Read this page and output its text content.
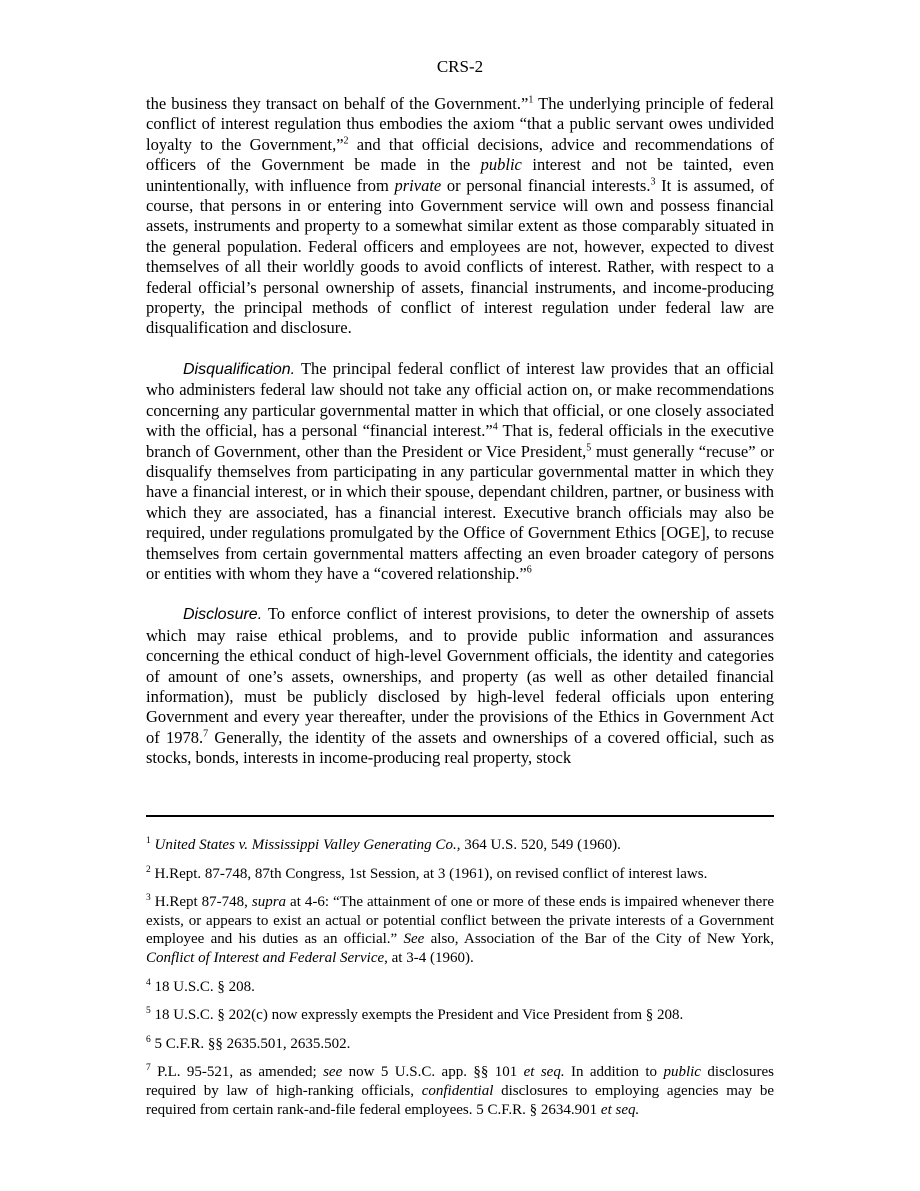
CRS-2

the business they transact on behalf of the Government.”$^1$ The underlying principle of federal conflict of interest regulation thus embodies the axiom “that a public servant owes undivided loyalty to the Government,”$^2$ and that official decisions, advice and recommendations of officers of the Government be made in the public interest and not be tainted, even unintentionally, with influence from private or personal financial interests.$^3$ It is assumed, of course, that persons in or entering into Government service will own and possess financial assets, instruments and property to a somewhat similar extent as those comparably situated in the general population. Federal officers and employees are not, however, expected to divest themselves of all their worldly goods to avoid conflicts of interest. Rather, with respect to a federal official’s personal ownership of assets, financial instruments, and income-producing property, the principal methods of conflict of interest regulation under federal law are disqualification and disclosure.

Disqualification. The principal federal conflict of interest law provides that an official who administers federal law should not take any official action on, or make recommendations concerning any particular governmental matter in which that official, or one closely associated with the official, has a personal “financial interest.”$^4$ That is, federal officials in the executive branch of Government, other than the President or Vice President,$^5$ must generally “recuse” or disqualify themselves from participating in any particular governmental matter in which they have a financial interest, or in which their spouse, dependant children, partner, or business with which they are associated, has a financial interest. Executive branch officials may also be required, under regulations promulgated by the Office of Government Ethics [OGE], to recuse themselves from certain governmental matters affecting an even broader category of persons or entities with whom they have a “covered relationship.”$^6$

Disclosure. To enforce conflict of interest provisions, to deter the ownership of assets which may raise ethical problems, and to provide public information and assurances concerning the ethical conduct of high-level Government officials, the identity and categories of amount of one’s assets, ownerships, and property (as well as other detailed financial information), must be publicly disclosed by high-level federal officials upon entering Government and every year thereafter, under the provisions of the Ethics in Government Act of 1978.$^7$ Generally, the identity of the assets and ownerships of a covered official, such as stocks, bonds, interests in income-producing real property, stock

$^1$ United States v. Mississippi Valley Generating Co., 364 U.S. 520, 549 (1960).
$^2$ H.Rept. 87-748, 87th Congress, 1st Session, at 3 (1961), on revised conflict of interest laws.
$^3$ H.Rept 87-748, supra at 4-6: “The attainment of one or more of these ends is impaired whenever there exists, or appears to exist an actual or potential conflict between the private interests of a Government employee and his duties as an official.” See also, Association of the Bar of the City of New York, Conflict of Interest and Federal Service, at 3-4 (1960).
$^4$ 18 U.S.C. § 208.
$^5$ 18 U.S.C. § 202(c) now expressly exempts the President and Vice President from § 208.
$^6$ 5 C.F.R. §§ 2635.501, 2635.502.
$^7$ P.L. 95-521, as amended; see now 5 U.S.C. app. §§ 101 et seq. In addition to public disclosures required by law of high-ranking officials, confidential disclosures to employing agencies may be required from certain rank-and-file federal employees. 5 C.F.R. § 2634.901 et seq.
